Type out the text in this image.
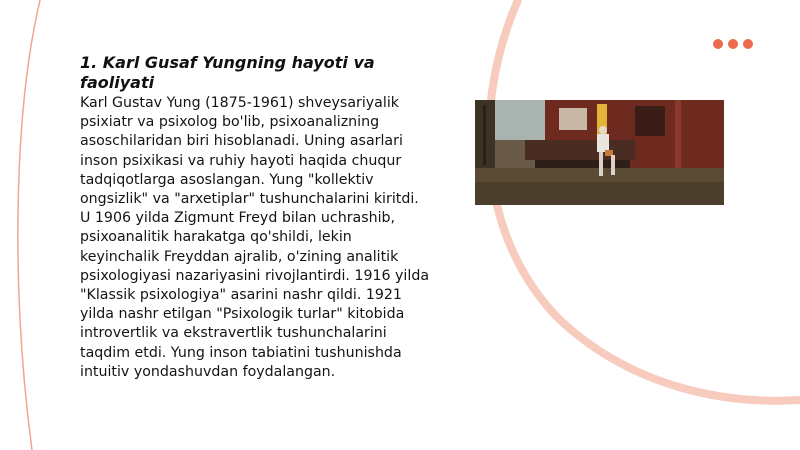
1. Karl Gusaf Yungning hayoti va faoliyati

Karl Gustav Yung (1875-1961) shveysariyalik psixiatr va psixolog bo'lib, psixoanalizning asoschilaridan biri hisoblanadi. Uning asarlari inson psixikasi va ruhiy hayoti haqida chuqur tadqiqotlarga asoslangan. Yung "kollektiv ongsizlik" va "arxetiplar" tushunchalarini kiritdi. U 1906 yilda Zigmunt Freyd bilan uchrashib, psixoanalitik harakatga qo'shildi, lekin keyinchalik Freyddan ajralib, o'zining analitik psixologiyasi nazariyasini rivojlantirdi. 1916 yilda "Klassik psixologiya" asarini nashr qildi. 1921 yilda nashr etilgan "Psixologik turlar" kitobida introvertlik va ekstravertlik tushunchalarini taqdim etdi. Yung inson tabiatini tushunishda intuitiv yondashuvdan foydalangan.
